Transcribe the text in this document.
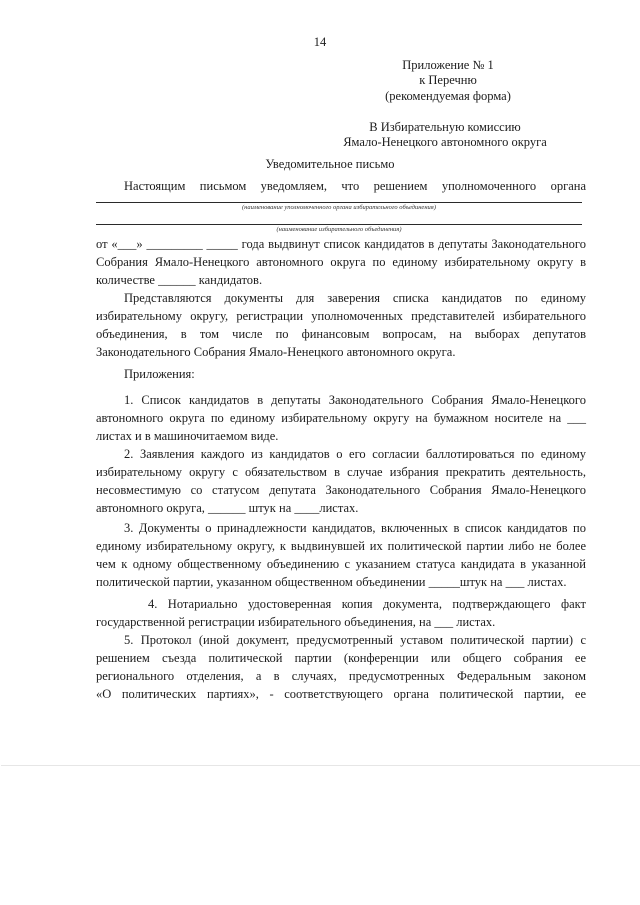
14
Приложение № 1
к Перечню
(рекомендуемая форма)
В Избирательную комиссию
Ямало-Ненецкого автономного округа
Уведомительное письмо
Настоящим письмом уведомляем, что решением уполномоченного органа
(наименование уполномоченного органа избирательного объединения)
(наименование избирательного объединения)
от «___» _________ _____ года выдвинут список кандидатов в депутаты Законодательного
Собрания Ямало-Ненецкого автономного округа по единому избирательному округу в
количестве ______ кандидатов.
Представляются документы для заверения списка кандидатов по единому
избирательному округу, регистрации уполномоченных представителей избирательного
объединения, в том числе по финансовым вопросам, на выборах депутатов
Законодательного Собрания Ямало-Ненецкого автономного округа.
Приложения:
1. Список кандидатов в депутаты Законодательного Собрания Ямало-Ненецкого
автономного округа по единому избирательному округу на бумажном носителе на ___
листах и в машиночитаемом виде.
2. Заявления каждого из кандидатов о его согласии баллотироваться по единому
избирательному округу с обязательством в случае избрания прекратить деятельность,
несовместимую со статусом депутата Законодательного Собрания Ямало-Ненецкого
автономного округа, ______ штук на ____листах.
3. Документы о принадлежности кандидатов, включенных в список кандидатов по
единому избирательному округу, к выдвинувшей их политической партии либо не более
чем к одному общественному объединению с указанием статуса кандидата в указанной
политической партии, указанном общественном объединении _____штук на ___ листах.
4. Нотариально удостоверенная копия документа, подтверждающего факт
государственной регистрации избирательного объединения, на ___ листах.
5. Протокол (иной документ, предусмотренный уставом политической партии) с
решением съезда политической партии (конференции или общего собрания ее
регионального отделения, а в случаях, предусмотренных Федеральным законом
«О политических партиях», - соответствующего органа политической партии, ее
